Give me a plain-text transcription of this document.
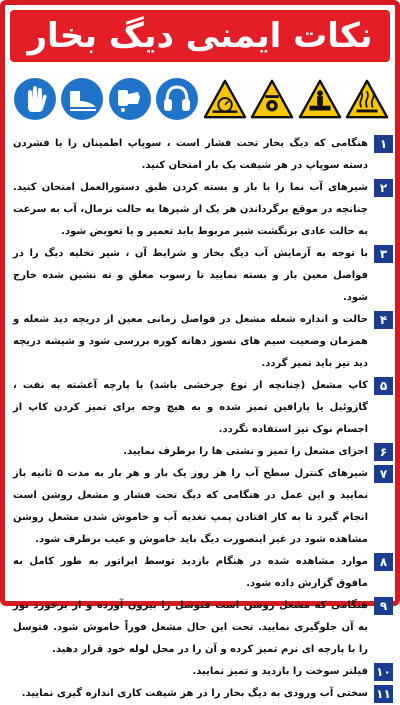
نکات ایمنی دیگ بخار
۱
هنگامی که دیگ بخار تحت فشار است ، سوپاپ اطمینان را با فشردن دسته سوپاپ در هر شیفت یک بار امتحان کنید.
۲
شیرهای آب نما را با باز و بسته کردن طبق دستورالعمل امتحان کنید. چنانچه در موقع برگرداندن هر یک از شیرها به حالت نرمال، آب به سرعت به حالت عادی برنگشت شیر مربوط باید تعمیر و یا تعویض شود.
۳
با توجه به آزمایش آب دیگ بخار و شرایط آن ، شیر تخلیه دیگ را در فواصل معین باز و بسته نمایید تا رسوب معلق و ته نشین شده خارج شود.
۴
حالت و اندازه شعله مشعل در فواصل زمانی معین از دریچه دید شعله و همزمان وضعیت سیم های نسوز دهانه کوره بررسی شود و شیشه دریچه دید نیز باید تمیز گردد.
۵
کاپ مشعل (چنانچه از نوع چرخشی باشد) با پارچه آغشته به نفت ، گازوئیل یا پارافین تمیز شده و به هیچ وجه برای تمیز کردن کاپ از اجسام نوک تیز استفاده نگردد.
۶
اجزای مشعل را تمیز و نشتی ها را برطرف نمایید.
۷
شیرهای کنترل سطح آب را هر روز یک بار و هر بار به مدت ۵ ثانیه باز نمایید و این عمل در هنگامی که دیگ تحت فشار و مشعل روشن است انجام گیرد تا به کار افتادن پمپ تغذیه آب و خاموش شدن مشعل روشن مشاهده شود در غیر اینصورت دیگ باید خاموش و عیب برطرف شود.
۸
موارد مشاهده شده در هنگام بازدید توسط اپراتور به طور کامل به مافوق گزارش داده شود.
۹
هنگامی که مشعل روشن است فتوسل را بیرون آورده و از برخورد نور به آن جلوگیری نمایید. تحت این حال مشعل فوراً خاموش شود. فتوسل را با پارچه ای نرم تمیز کرده و آن را در محل لوله خود قرار دهید.
۱۰
فیلتر سوخت را بازدید و تمیز نمایید.
۱۱
سختی آب ورودی به دیگ بخار را در هر شیفت کاری اندازه گیری نمایید.
